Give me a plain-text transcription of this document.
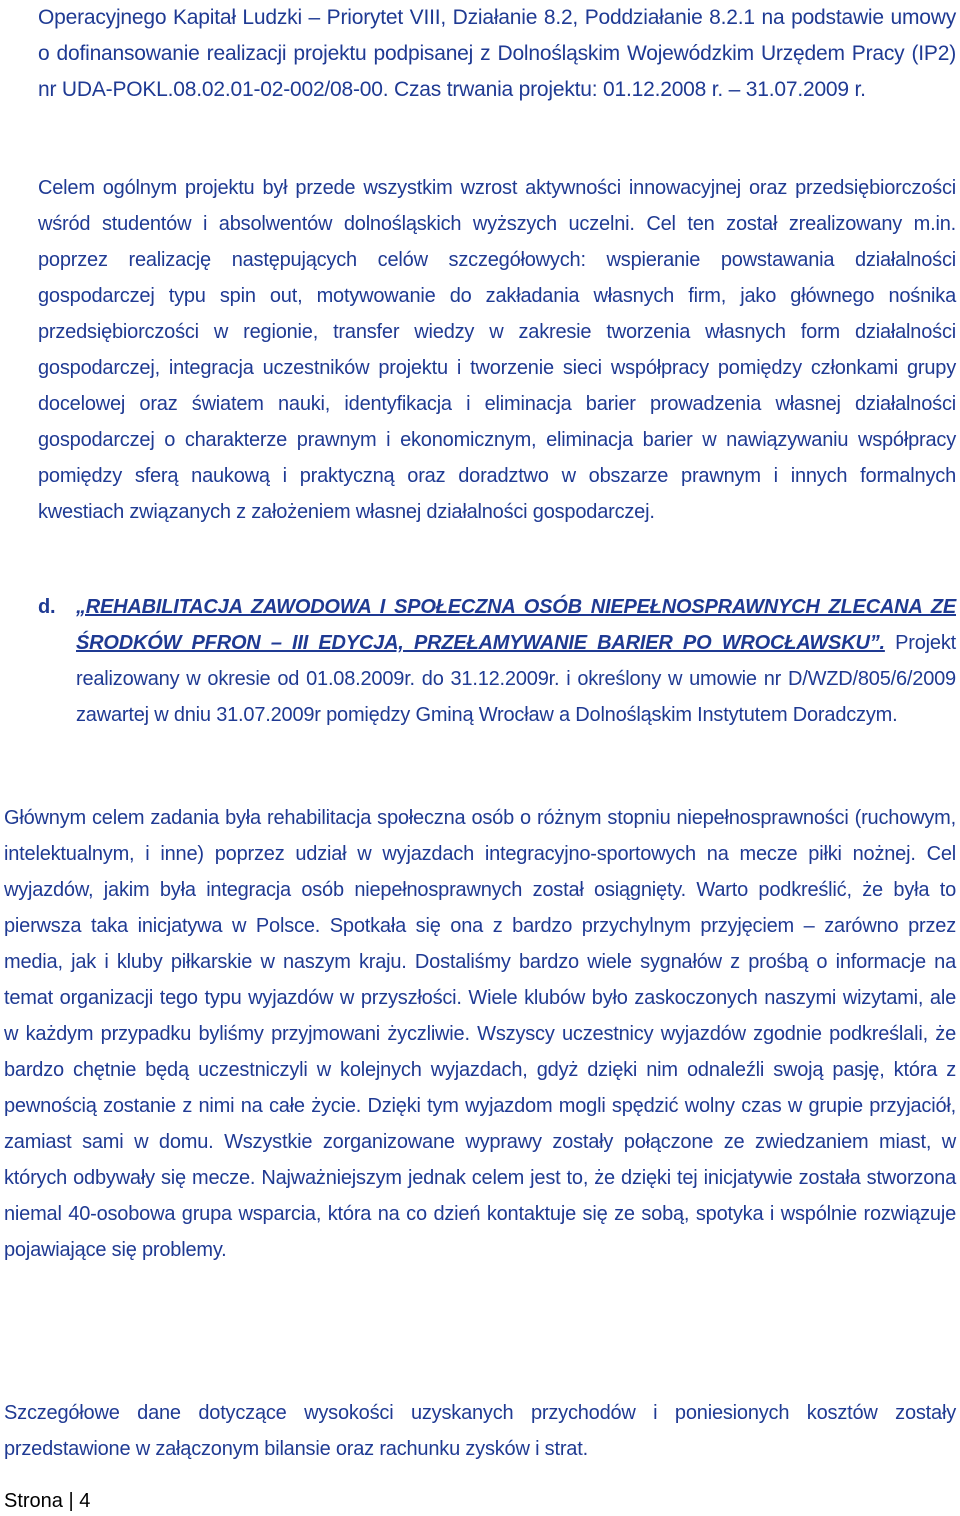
Operacyjnego Kapitał Ludzki – Priorytet VIII, Działanie 8.2, Poddziałanie 8.2.1 na podstawie umowy o dofinansowanie realizacji projektu podpisanej z Dolnośląskim Wojewódzkim Urzędem Pracy (IP2) nr UDA-POKL.08.02.01-02-002/08-00. Czas trwania projektu: 01.12.2008 r. – 31.07.2009 r.

Celem ogólnym projektu był przede wszystkim wzrost aktywności innowacyjnej oraz przedsiębiorczości wśród studentów i absolwentów dolnośląskich wyższych uczelni. Cel ten został zrealizowany m.in. poprzez realizację następujących celów szczegółowych: wspieranie powstawania działalności gospodarczej typu spin out, motywowanie do zakładania własnych firm, jako głównego nośnika przedsiębiorczości w regionie, transfer wiedzy w zakresie tworzenia własnych form działalności gospodarczej, integracja uczestników projektu i tworzenie sieci współpracy pomiędzy członkami grupy docelowej oraz światem nauki, identyfikacja i eliminacja barier prowadzenia własnej działalności gospodarczej o charakterze prawnym i ekonomicznym, eliminacja barier w nawiązywaniu współpracy pomiędzy sferą naukową i praktyczną oraz doradztwo w obszarze prawnym i innych formalnych kwestiach związanych z założeniem własnej działalności gospodarczej.

d. „REHABILITACJA ZAWODOWA I SPOŁECZNA OSÓB NIEPEŁNOSPRAWNYCH ZLECANA ZE ŚRODKÓW PFRON – III EDYCJA, PRZEŁAMYWANIE BARIER PO WROCŁAWSKU”. Projekt realizowany w okresie od 01.08.2009r. do 31.12.2009r. i określony w umowie nr D/WZD/805/6/2009 zawartej w dniu 31.07.2009r pomiędzy Gminą Wrocław a Dolnośląskim Instytutem Doradczym.

Głównym celem zadania była rehabilitacja społeczna osób o różnym stopniu niepełnosprawności (ruchowym, intelektualnym, i inne) poprzez udział w wyjazdach integracyjno-sportowych na mecze piłki nożnej. Cel wyjazdów, jakim była integracja osób niepełnosprawnych został osiągnięty. Warto podkreślić, że była to pierwsza taka inicjatywa w Polsce. Spotkała się ona z bardzo przychylnym przyjęciem – zarówno przez media, jak i kluby piłkarskie w naszym kraju. Dostaliśmy bardzo wiele sygnałów z prośbą o informacje na temat organizacji tego typu wyjazdów w przyszłości. Wiele klubów było zaskoczonych naszymi wizytami, ale w każdym przypadku byliśmy przyjmowani życzliwie. Wszyscy uczestnicy wyjazdów zgodnie podkreślali, że bardzo chętnie będą uczestniczyli w kolejnych wyjazdach, gdyż dzięki nim odnaleźli swoją pasję, która z pewnością zostanie z nimi na całe życie. Dzięki tym wyjazdom mogli spędzić wolny czas w grupie przyjaciół, zamiast sami w domu. Wszystkie zorganizowane wyprawy zostały połączone ze zwiedzaniem miast, w których odbywały się mecze. Najważniejszym jednak celem jest to, że dzięki tej inicjatywie została stworzona niemal 40-osobowa grupa wsparcia, która na co dzień kontaktuje się ze sobą, spotyka i wspólnie rozwiązuje pojawiające się problemy.

Szczegółowe dane dotyczące wysokości uzyskanych przychodów i poniesionych kosztów zostały przedstawione w załączonym bilansie oraz rachunku zysków i strat.

Strona | 4
